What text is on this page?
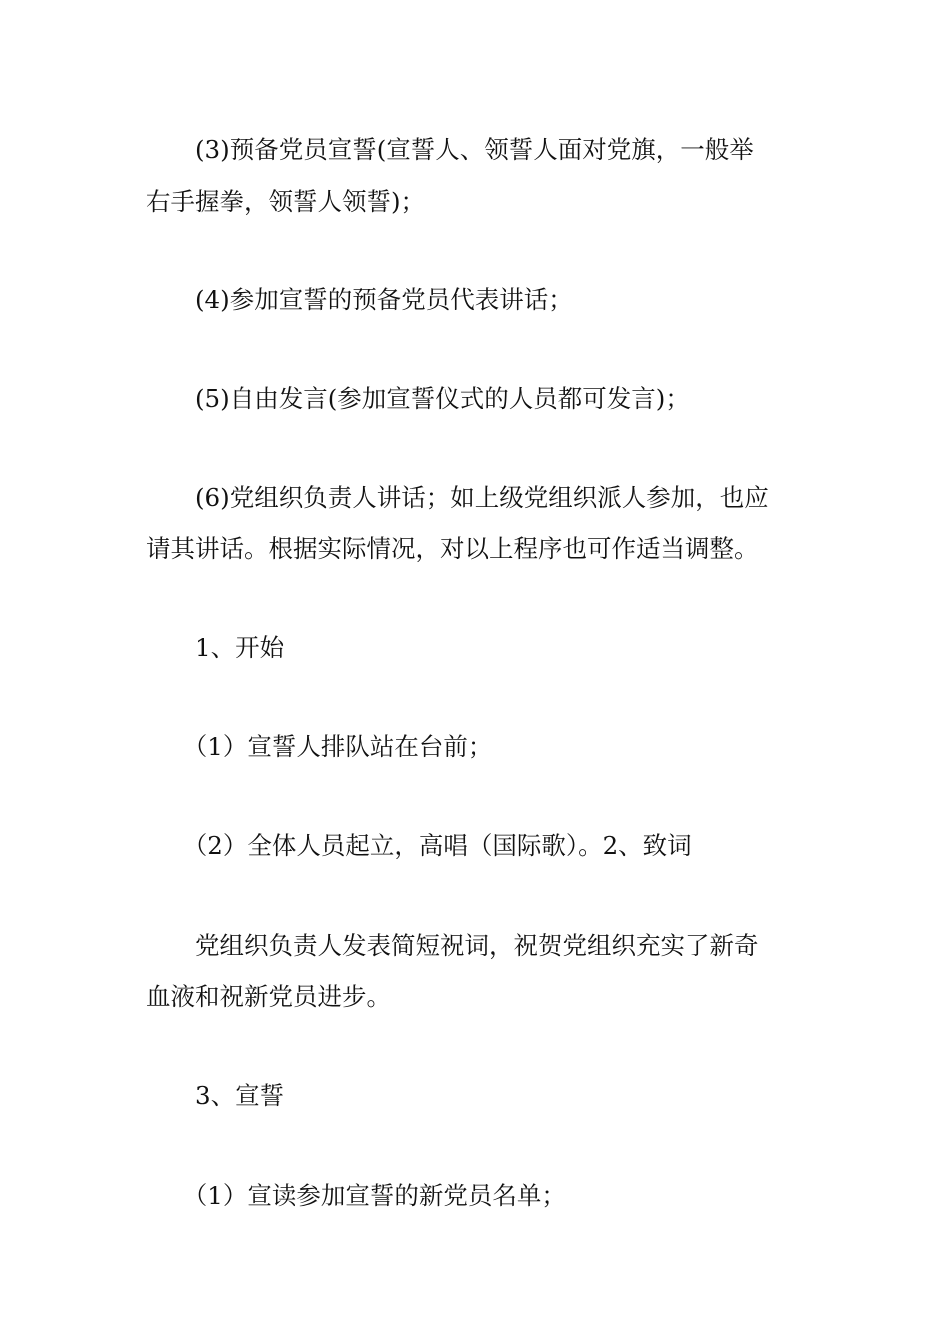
　　(3)预备党员宣誓(宣誓人、领誓人面对党旗，一般举

右手握拳，领誓人领誓)；

　　(4)参加宣誓的预备党员代表讲话；

　　(5)自由发言(参加宣誓仪式的人员都可发言)；

　　(6)党组织负责人讲话；如上级党组织派人参加，也应

请其讲话。根据实际情况，对以上程序也可作适当调整。

　　1、开始

　　（1）宣誓人排队站在台前；

　　（2）全体人员起立，高唱（国际歌）。2、致词

　　党组织负责人发表简短祝词，祝贺党组织充实了新奇

血液和祝新党员进步。

　　3、宣誓

　　（1）宣读参加宣誓的新党员名单；
